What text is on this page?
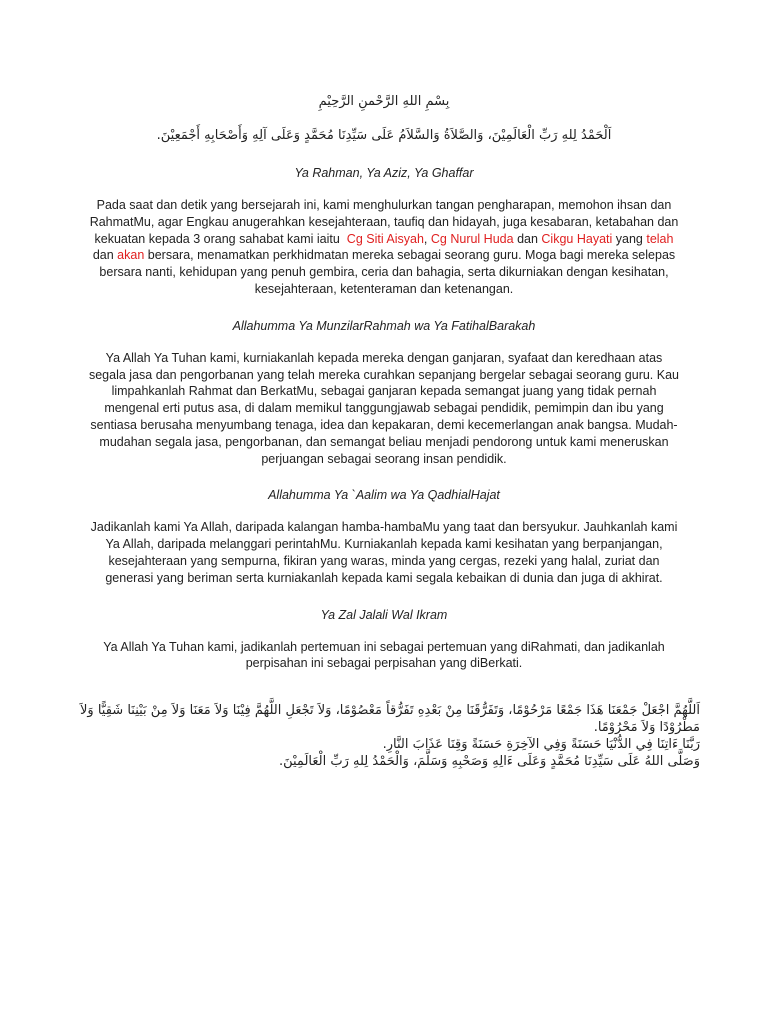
بِسْمِ اللهِ الرَّحْمنِ الرَّحِيْمِ
اَلْحَمْدُ لِلهِ رَبِّ الْعَالَمِيْنَ، وَالصَّلاَةُ وَالسَّلاَمُ عَلَى سَيِّدِنَا مُحَمَّدٍ وَعَلَى آلِهِ وَأَصْحَابِهِ أَجْمَعِيْنَ.
Ya Rahman, Ya Aziz, Ya Ghaffar
Pada saat dan detik yang bersejarah ini, kami menghulurkan tangan pengharapan, memohon ihsan dan RahmatMu, agar Engkau anugerahkan kesejahteraan, taufiq dan hidayah, juga kesabaran, ketabahan dan kekuatan kepada 3 orang sahabat kami iaitu Cg Siti Aisyah, Cg Nurul Huda dan Cikgu Hayati yang telah dan akan bersara, menamatkan perkhidmatan mereka sebagai seorang guru. Moga bagi mereka selepas bersara nanti, kehidupan yang penuh gembira, ceria dan bahagia, serta dikurniakan dengan kesihatan, kesejahteraan, ketenteraman dan ketenangan.
Allahumma Ya MunzilarRahmah wa Ya FatihalBarakah
Ya Allah Ya Tuhan kami, kurniakanlah kepada mereka dengan ganjaran, syafaat dan keredhaan atas segala jasa dan pengorbanan yang telah mereka curahkan sepanjang bergelar sebagai seorang guru. Kau limpahkanlah Rahmat dan BerkatMu, sebagai ganjaran kepada semangat juang yang tidak pernah mengenal erti putus asa, di dalam memikul tanggungjawab sebagai pendidik, pemimpin dan ibu yang sentiasa berusaha menyumbang tenaga, idea dan kepakaran, demi kecemerlangan anak bangsa. Mudah-mudahan segala jasa, pengorbanan, dan semangat beliau menjadi pendorong untuk kami meneruskan perjuangan sebagai seorang insan pendidik.
Allahumma Ya `Aalim wa Ya QadhialHajat
Jadikanlah kami Ya Allah, daripada kalangan hamba-hambaMu yang taat dan bersyukur. Jauhkanlah kami Ya Allah, daripada melanggari perintahMu. Kurniakanlah kepada kami kesihatan yang berpanjangan, kesejahteraan yang sempurna, fikiran yang waras, minda yang cergas, rezeki yang halal, zuriat dan generasi yang beriman serta kurniakanlah kepada kami segala kebaikan di dunia dan juga di akhirat.
Ya Zal Jalali Wal Ikram
Ya Allah Ya Tuhan kami, jadikanlah pertemuan ini sebagai pertemuan yang diRahmati, dan jadikanlah perpisahan ini sebagai perpisahan yang diBerkati.
اَللَّهُمَّ اجْعَلْ جَمْعَنَا هَذَا جَمْعًا مَرْحُوْمًا، وَتَفَرُّقَنَا مِنْ بَعْدِهِ تَفَرُّقاً مَعْصُوْمًا، وَلاَ تَجْعَلِ اللَّهُمَّ فِيْنَا وَلاَ مَعَنَا وَلاَ مِنْ بَيْنِنَا شَقِيًّا وَلاَ مَطْرُوْدًا وَلاَ مَحْرُوْمًا.
رَبَّنَا ءَاتِنَا فِي الدُّنْيَا حَسَنَةً وَفِي الآخِرَةِ حَسَنَةً وَقِنَا عَذَابَ النَّارِ.
وَصَلَّى اللهُ عَلَى سَيِّدِنَا مُحَمَّدٍ وَعَلَى ءَالِهِ وَصَحْبِهِ وَسَلَّمَ، وَالْحَمْدُ لِلهِ رَبِّ الْعَالَمِيْنَ.
